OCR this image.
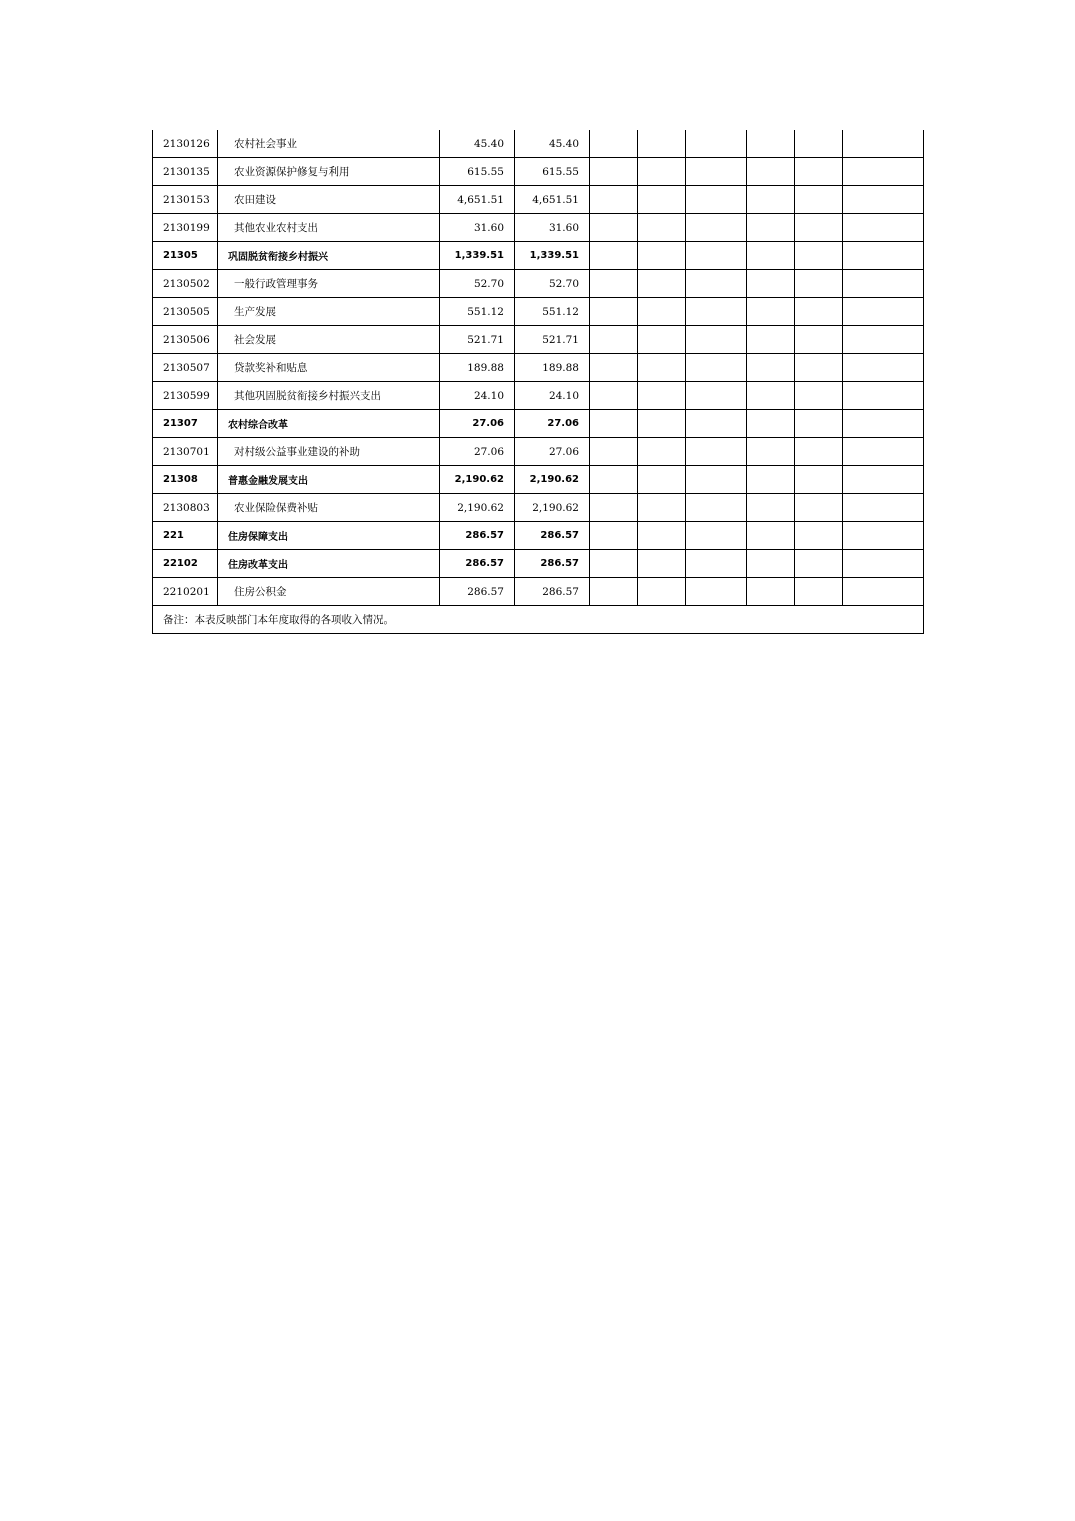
2130126	农村社会事业	45.40	45.40						
2130135	农业资源保护修复与利用	615.55	615.55						
2130153	农田建设	4,651.51	4,651.51						
2130199	其他农业农村支出	31.60	31.60						
21305	巩固脱贫衔接乡村振兴	1,339.51	1,339.51						
2130502	一般行政管理事务	52.70	52.70						
2130505	生产发展	551.12	551.12						
2130506	社会发展	521.71	521.71						
2130507	贷款奖补和贴息	189.88	189.88						
2130599	其他巩固脱贫衔接乡村振兴支出	24.10	24.10						
21307	农村综合改革	27.06	27.06						
2130701	对村级公益事业建设的补助	27.06	27.06						
21308	普惠金融发展支出	2,190.62	2,190.62						
2130803	农业保险保费补贴	2,190.62	2,190.62						
221	住房保障支出	286.57	286.57						
22102	住房改革支出	286.57	286.57						
2210201	住房公积金	286.57	286.57						
备注：本表反映部门本年度取得的各项收入情况。									
